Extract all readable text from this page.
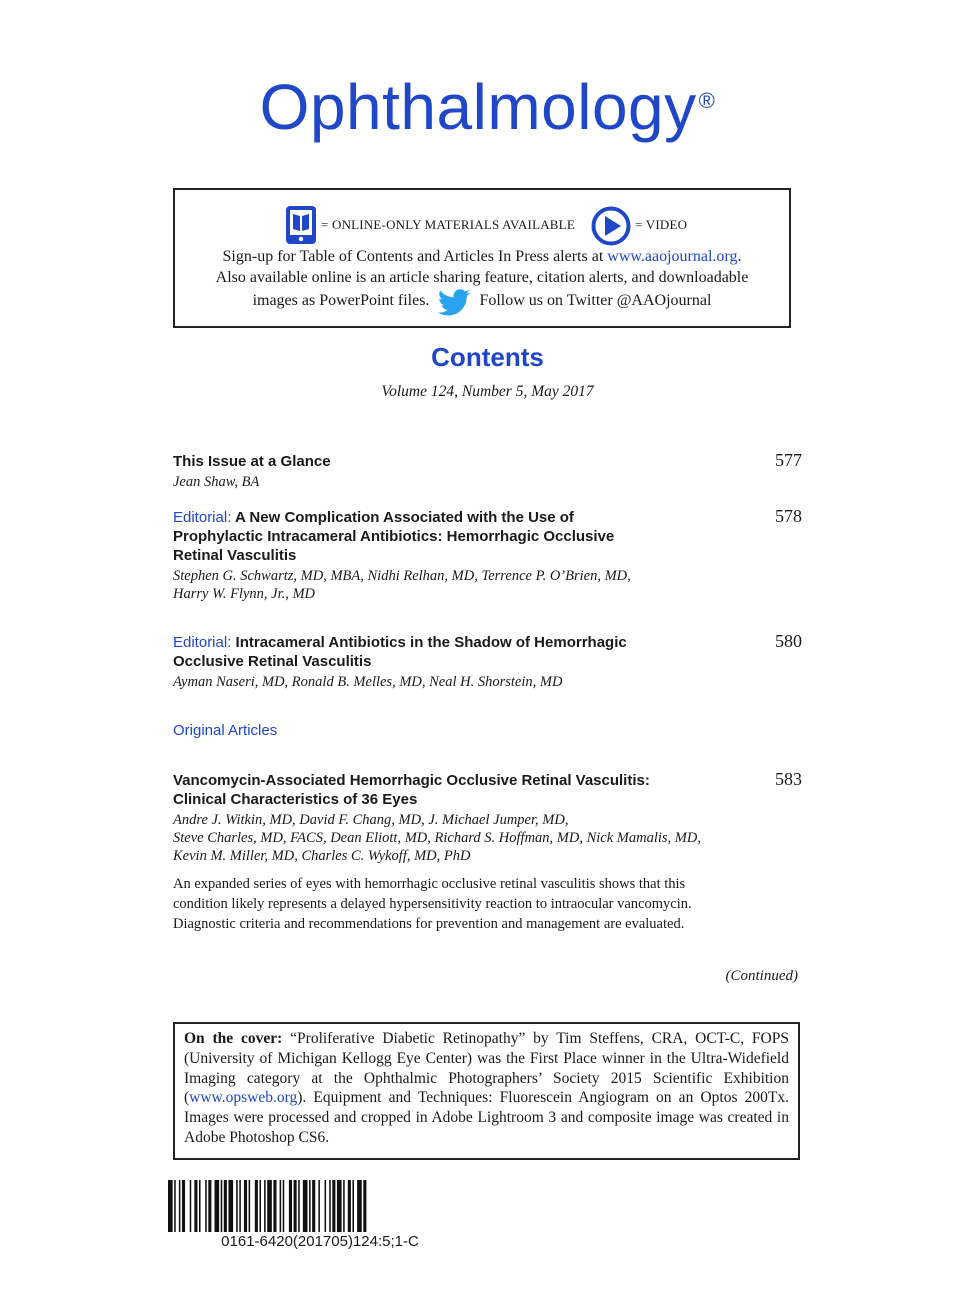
Ophthalmology®
= ONLINE-ONLY MATERIALS AVAILABLE	= VIDEO
Sign-up for Table of Contents and Articles In Press alerts at www.aaojournal.org.
Also available online is an article sharing feature, citation alerts, and downloadable
images as PowerPoint files.	Follow us on Twitter @AAOjournal
Contents
Volume 124, Number 5, May 2017
This Issue at a Glance
Jean Shaw, BA
577
Editorial: A New Complication Associated with the Use of
Prophylactic Intracameral Antibiotics: Hemorrhagic Occlusive
Retinal Vasculitis
Stephen G. Schwartz, MD, MBA, Nidhi Relhan, MD, Terrence P. O’Brien, MD,
Harry W. Flynn, Jr., MD
578
Editorial: Intracameral Antibiotics in the Shadow of Hemorrhagic
Occlusive Retinal Vasculitis
Ayman Naseri, MD, Ronald B. Melles, MD, Neal H. Shorstein, MD
580
Original Articles
Vancomycin-Associated Hemorrhagic Occlusive Retinal Vasculitis:
Clinical Characteristics of 36 Eyes
Andre J. Witkin, MD, David F. Chang, MD, J. Michael Jumper, MD,
Steve Charles, MD, FACS, Dean Eliott, MD, Richard S. Hoffman, MD, Nick Mamalis, MD,
Kevin M. Miller, MD, Charles C. Wykoff, MD, PhD
An expanded series of eyes with hemorrhagic occlusive retinal vasculitis shows that this
condition likely represents a delayed hypersensitivity reaction to intraocular vancomycin.
Diagnostic criteria and recommendations for prevention and management are evaluated.
583
(Continued)
On the cover: “Proliferative Diabetic Retinopathy” by Tim Steffens, CRA, OCT-C, FOPS (University of Michigan Kellogg Eye Center) was the First Place winner in the Ultra-Widefield Imaging category at the Ophthalmic Photographers’ Society 2015 Scientific Exhibition (www.opsweb.org). Equipment and Techniques: Fluorescein Angiogram on an Optos 200Tx. Images were processed and cropped in Adobe Lightroom 3 and composite image was created in Adobe Photoshop CS6.
0161-6420(201705)124:5;1-C
